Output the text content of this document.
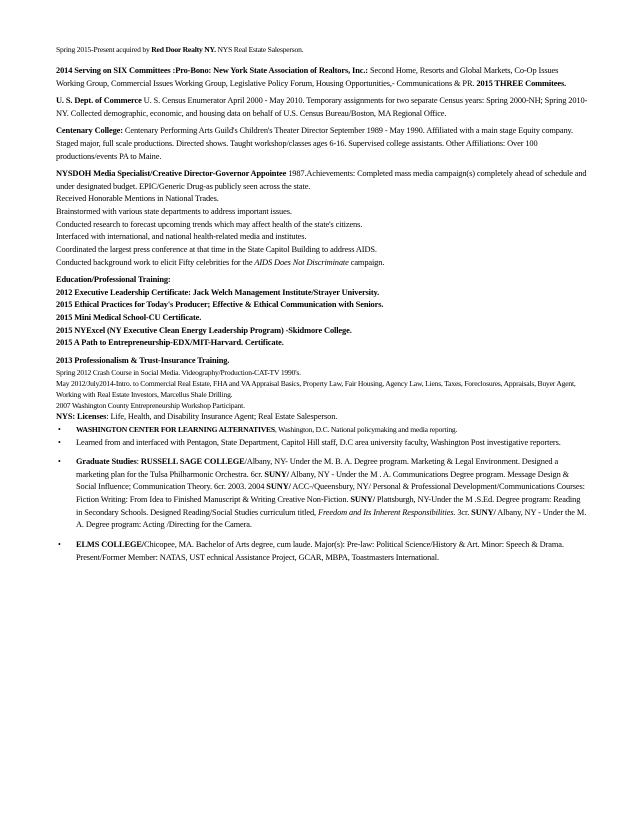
Spring 2015-Present acquired by Red Door Realty NY. NYS Real Estate Salesperson.

2014 Serving on SIX Committees :Pro-Bono: New York State Association of Realtors, Inc.: Second Home, Resorts and Global Markets, Co-Op Issues Working Group, Commercial Issues Working Group, Legislative Policy Forum, Housing Opportunities,- Communications & PR. 2015 THREE Commitees.

U. S. Dept. of Commerce U. S. Census Enumerator April 2000 - May 2010. Temporary assignments for two separate Census years: Spring 2000-NH; Spring 2010-NY. Collected demographic, economic, and housing data on behalf of U.S. Census Bureau/Boston, MA Regional Office.

Centenary College: Centenary Performing Arts Guild's Children's Theater Director September 1989 - May 1990. Affiliated with a main stage Equity company. Staged major, full scale productions. Directed shows. Taught workshop/classes ages 6-16. Supervised college assistants. Other Affiliations: Over 100 productions/events PA to Maine.

NYSDOH Media Specialist/Creative Director-Governor Appointee 1987.Achievements: Completed mass media campaign(s) completely ahead of schedule and under designated budget. EPIC/Generic Drug-as publicly seen across the state.

Received Honorable Mentions in National Trades.

Brainstormed with various state departments to address important issues.

Conducted research to forecast upcoming trends which may affect health of the state's citizens.

Interfaced with international, and national health-related media and institutes.

Coordinated the largest press conference at that time in the State Capitol Building to address AIDS.

Conducted background work to elicit Fifty celebrities for the AIDS Does Not Discriminate campaign.

Education/Professional Training:

2012 Executive Leadership Certificate: Jack Welch Management Institute/Strayer University.

2015 Ethical Practices for Today's Producer; Effective & Ethical Communication with Seniors.

2015 Mini Medical School-CU Certificate.

2015 NYExcel (NY Executive Clean Energy Leadership Program) -Skidmore College.

2015 A Path to Entrepreneurship-EDX/MIT-Harvard. Certificate.

2013 Professionalism & Trust-Insurance Training.

Spring 2012 Crash Course in Social Media. Videography/Production-CAT-TV 1990's.

May 2012/July2014-Intro. to Commercial Real Estate, FHA and VA Appraisal Basics, Property Law, Fair Housing, Agency Law, Liens, Taxes, Foreclosures, Appraisals, Buyer Agent, Working with Real Estate Investors, Marcellus Shale Drilling.

2007 Washington County Entrepreneurship Workshop Participant.

NYS: Licenses: Life, Health, and Disability Insurance Agent; Real Estate Salesperson.

• WASHINGTON CENTER FOR LEARNING ALTERNATIVES, Washington, D.C. National policymaking and media reporting.
• Learned from and interfaced with Pentagon, State Department, Capitol Hill staff, D.C area university faculty, Washington Post investigative reporters.
• Graduate Studies: RUSSELL SAGE COLLEGE/Albany, NY- Under the M. B. A. Degree program. Marketing & Legal Environment. Designed a marketing plan for the Tulsa Philharmonic Orchestra. 6cr. SUNY/ Albany, NY - Under the M . A. Communications Degree program. Message Design & Social Influence; Communication Theory. 6cr. 2003. 2004 SUNY/ ACC-/Queensbury, NY/ Personal & Professional Development/Communications Courses: Fiction Writing: From Idea to Finished Manuscript & Writing Creative Non-Fiction. SUNY/ Plattsburgh, NY-Under the M .S.Ed. Degree program: Reading in Secondary Schools. Designed Reading/Social Studies curriculum titled, Freedom and Its Inherent Responsibilities. 3cr. SUNY/ Albany, NY - Under the M. A. Degree program: Acting /Directing for the Camera.
• ELMS COLLEGE/Chicopee, MA. Bachelor of Arts degree, cum laude. Major(s): Pre-law: Political Science/History & Art. Minor: Speech & Drama. Present/Former Member: NATAS, UST echnical Assistance Project, GCAR, MBPA, Toastmasters International.
